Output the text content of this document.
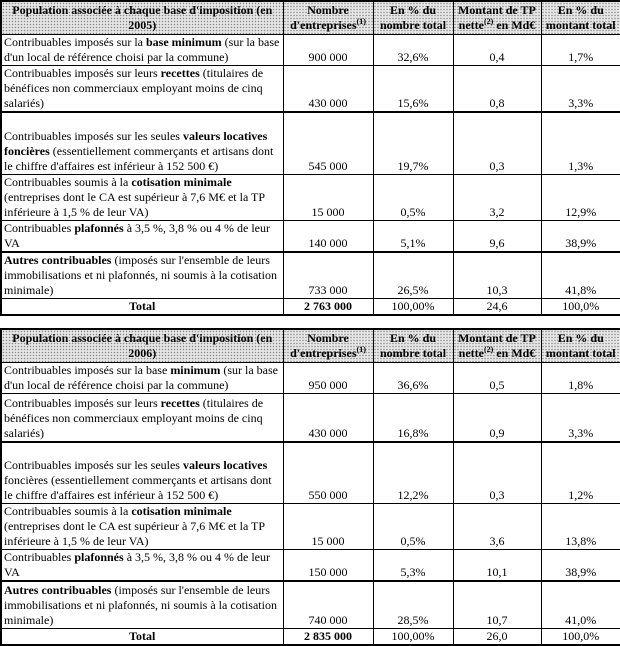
Population associée à chaque base d'imposition (en 2005)	Nombre d'entreprises$^{(1)}$	En % du nombre total	Montant de TP nette$^{(2)}$ en Md€	En % du montant total
Contribuables imposés sur la base minimum (sur la base d'un local de référence choisi par la commune)	900 000	32,6%	0,4	1,7%
Contribuables imposés sur leurs recettes (titulaires de bénéfices non commerciaux employant moins de cinq salariés)	430 000	15,6%	0,8	3,3%
Contribuables imposés sur les seules valeurs locatives foncières (essentiellement commerçants et artisans dont le chiffre d'affaires est inférieur à 152 500 €)	545 000	19,7%	0,3	1,3%
Contribuables soumis à la cotisation minimale (entreprises dont le CA est supérieur à 7,6 M€ et la TP inférieure à 1,5 % de leur VA)	15 000	0,5%	3,2	12,9%
Contribuables plafonnés à 3,5 %, 3,8 % ou 4 % de leur VA	140 000	5,1%	9,6	38,9%
Autres contribuables (imposés sur l'ensemble de leurs immobilisations et ni plafonnés, ni soumis à la cotisation minimale)	733 000	26,5%	10,3	41,8%
Total	2 763 000	100,00%	24,6	100,0%
Population associée à chaque base d'imposition (en 2006)	Nombre d'entreprises$^{(1)}$	En % du nombre total	Montant de TP nette$^{(2)}$ en Md€	En % du montant total
Contribuables imposés sur la base minimum (sur la base d'un local de référence choisi par la commune)	950 000	36,6%	0,5	1,8%
Contribuables imposés sur leurs recettes (titulaires de bénéfices non commerciaux employant moins de cinq salariés)	430 000	16,8%	0,9	3,3%
Contribuables imposés sur les seules valeurs locatives foncières (essentiellement commerçants et artisans dont le chiffre d'affaires est inférieur à 152 500 €)	550 000	12,2%	0,3	1,2%
Contribuables soumis à la cotisation minimale (entreprises dont le CA est supérieur à 7,6 M€ et la TP inférieure à 1,5 % de leur VA)	15 000	0,5%	3,6	13,8%
Contribuables plafonnés à 3,5 %, 3,8 % ou 4 % de leur VA	150 000	5,3%	10,1	38,9%
Autres contribuables (imposés sur l'ensemble de leurs immobilisations et ni plafonnés, ni soumis à la cotisation minimale)	740 000	28,5%	10,7	41,0%
Total	2 835 000	100,00%	26,0	100,0%
